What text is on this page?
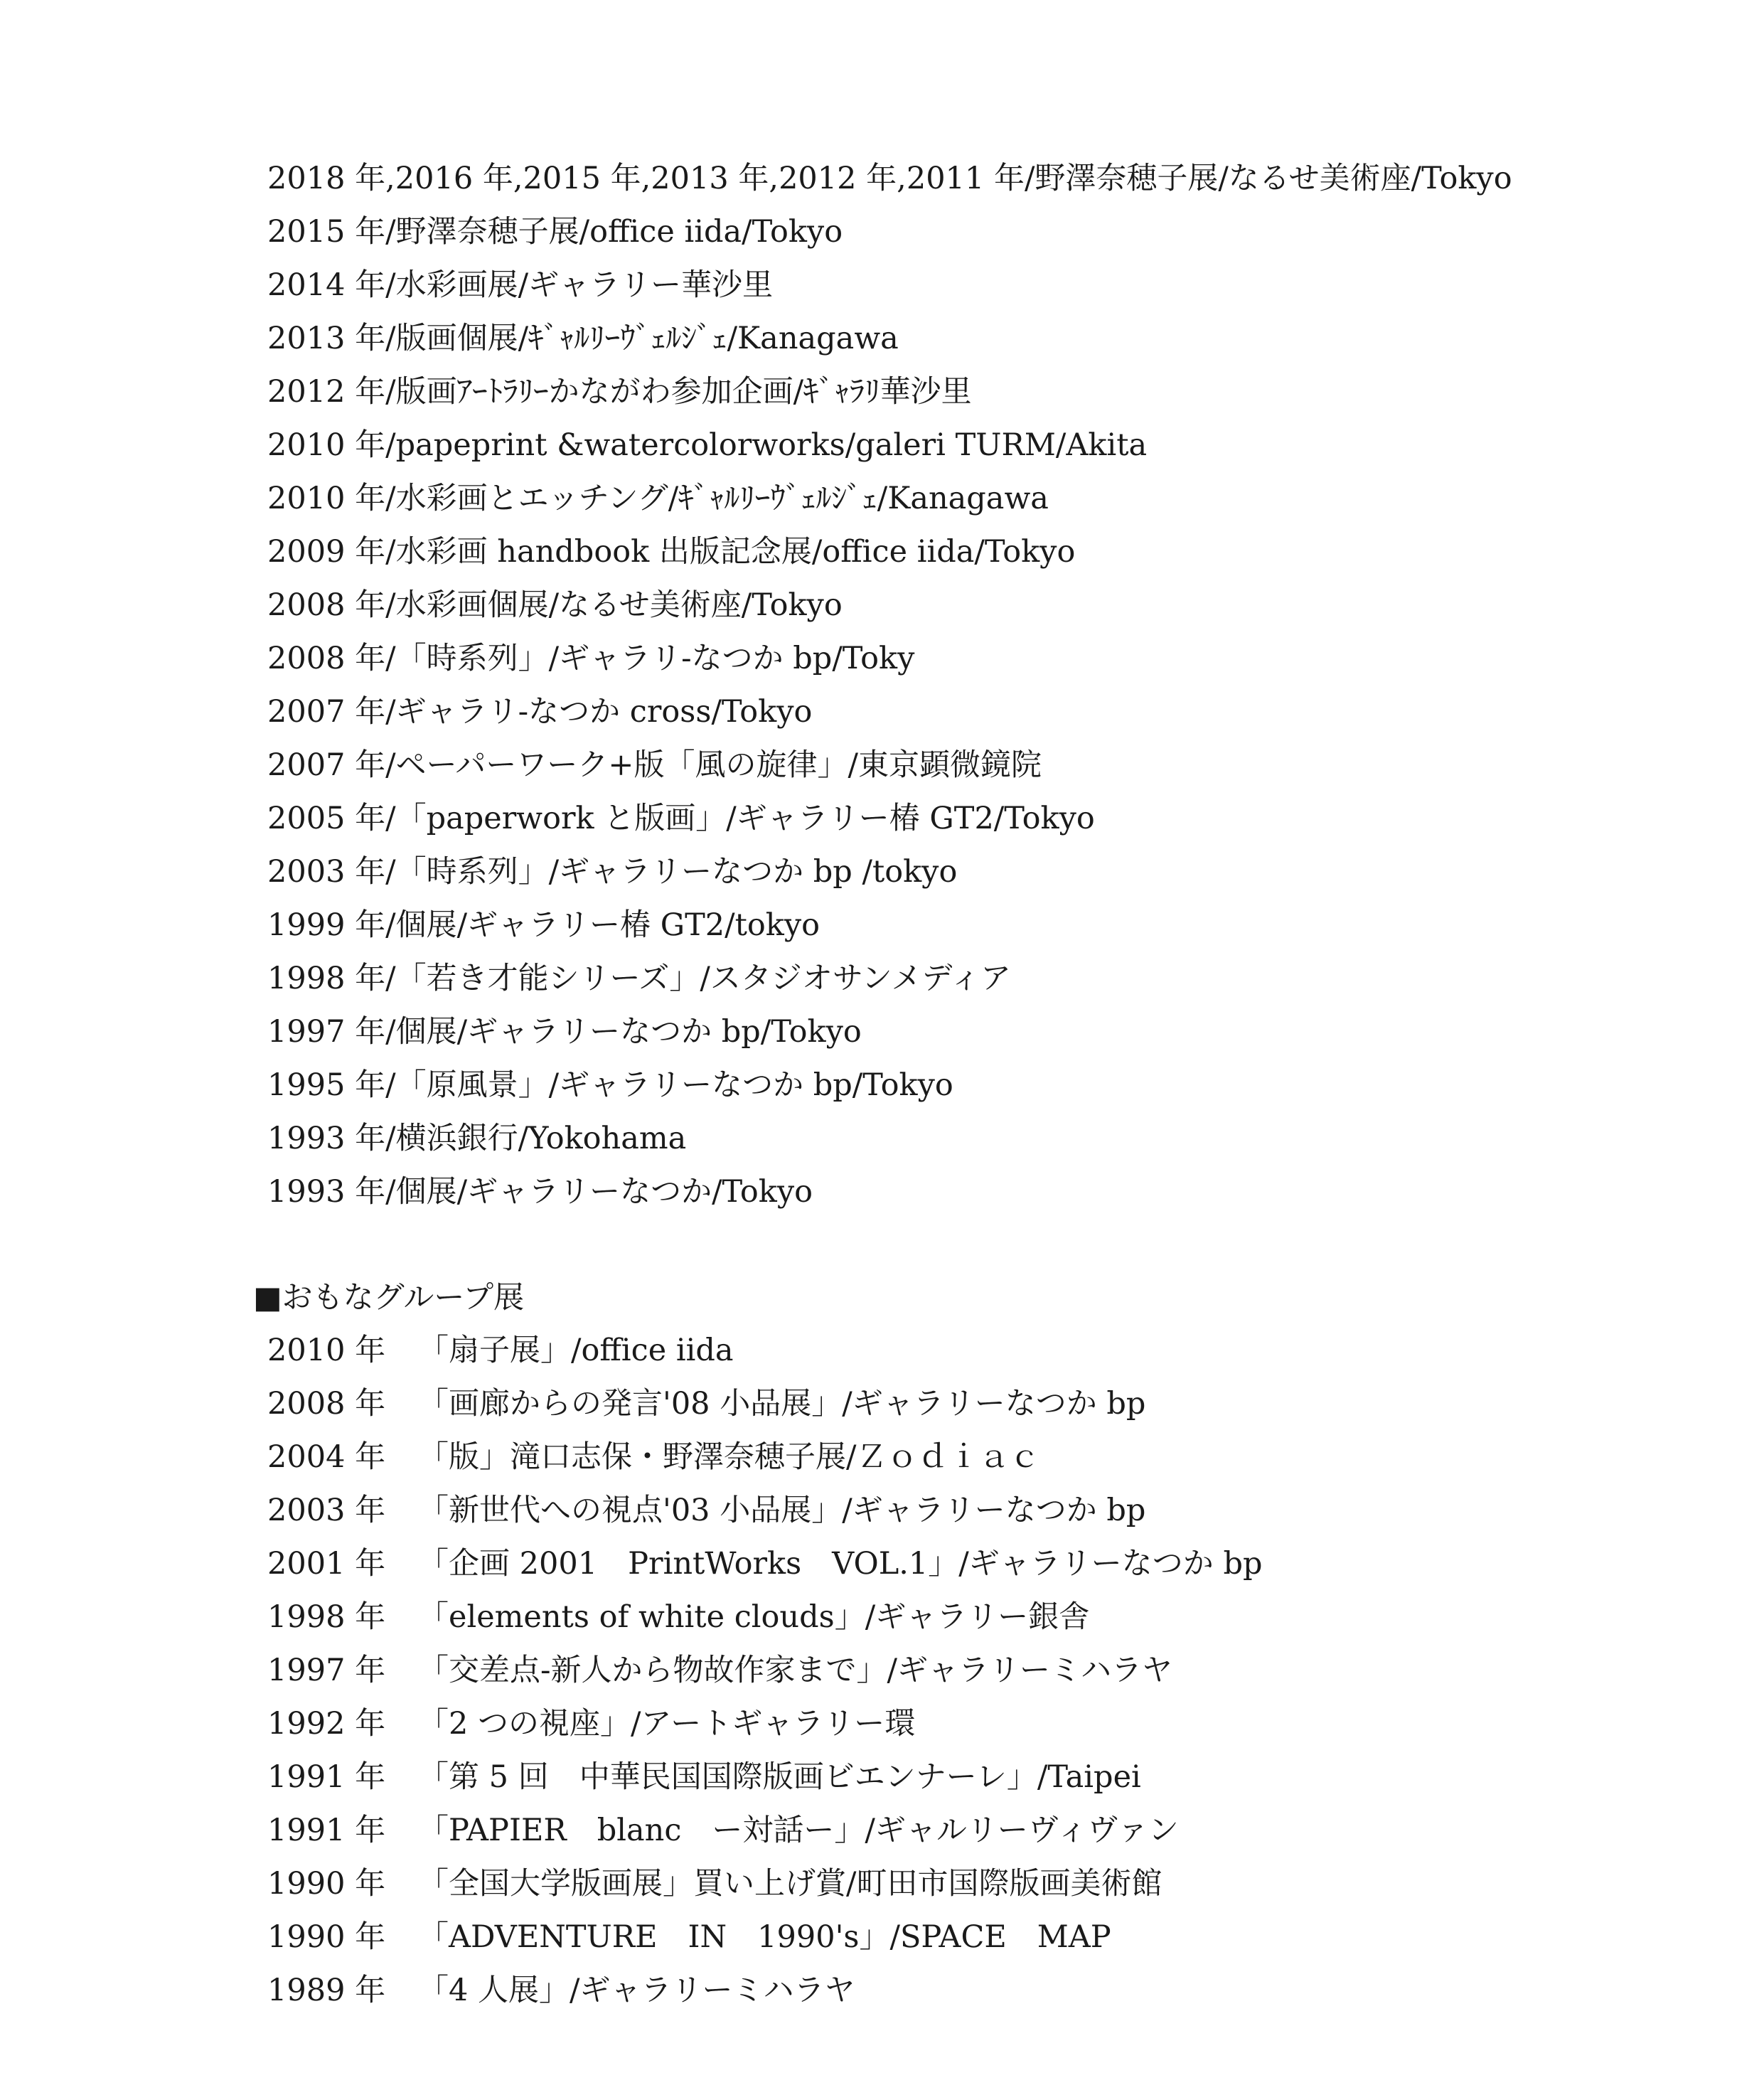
2018 年,2016 年,2015 年,2013 年,2012 年,2011 年/野澤奈穂子展/なるせ美術座/Tokyo
2015 年/野澤奈穂子展/office iida/Tokyo
2014 年/水彩画展/ギャラリー華沙里
2013 年/版画個展/ｷﾞｬﾙﾘｰｳﾞｪﾙｼﾞｪ/Kanagawa
2012 年/版画ｱｰﾄﾗﾘｰかながわ参加企画/ｷﾞｬﾗﾘ華沙里
2010 年/papeprint &watercolorworks/galeri TURM/Akita
2010 年/水彩画とエッチング/ｷﾞｬﾙﾘｰｳﾞｪﾙｼﾞｪ/Kanagawa
2009 年/水彩画 handbook 出版記念展/office iida/Tokyo
2008 年/水彩画個展/なるせ美術座/Tokyo
2008 年/「時系列」/ギャラリ-なつか bp/Toky
2007 年/ギャラリ-なつか cross/Tokyo
2007 年/ペーパーワーク+版「風の旋律」/東京顕微鏡院
2005 年/「paperwork と版画」/ギャラリー椿 GT2/Tokyo
2003 年/「時系列」/ギャラリーなつか bp /tokyo
1999 年/個展/ギャラリー椿 GT2/tokyo
1998 年/「若き才能シリーズ」/スタジオサンメディア
1997 年/個展/ギャラリーなつか bp/Tokyo
1995 年/「原風景」/ギャラリーなつか bp/Tokyo
1993 年/横浜銀行/Yokohama
1993 年/個展/ギャラリーなつか/Tokyo
■おもなグループ展
2010 年 「扇子展」/office iida
2008 年 「画廊からの発言'08 小品展」/ギャラリーなつか bp
2004 年 「版」滝口志保・野澤奈穂子展/Ｚｏｄｉａｃ
2003 年 「新世代への視点'03 小品展」/ギャラリーなつか bp
2001 年 「企画 2001　PrintWorks　VOL.1」/ギャラリーなつか bp
1998 年 「elements of white clouds」/ギャラリー銀舎
1997 年 「交差点-新人から物故作家まで」/ギャラリーミハラヤ
1992 年 「2 つの視座」/アートギャラリー環
1991 年 「第 5 回　中華民国国際版画ビエンナーレ」/Taipei
1991 年 「PAPIER　blanc　ー対話ー」/ギャルリーヴィヴァン
1990 年 「全国大学版画展」買い上げ賞/町田市国際版画美術館
1990 年 「ADVENTURE　IN　1990's」/SPACE　MAP
1989 年 「4 人展」/ギャラリーミハラヤ
